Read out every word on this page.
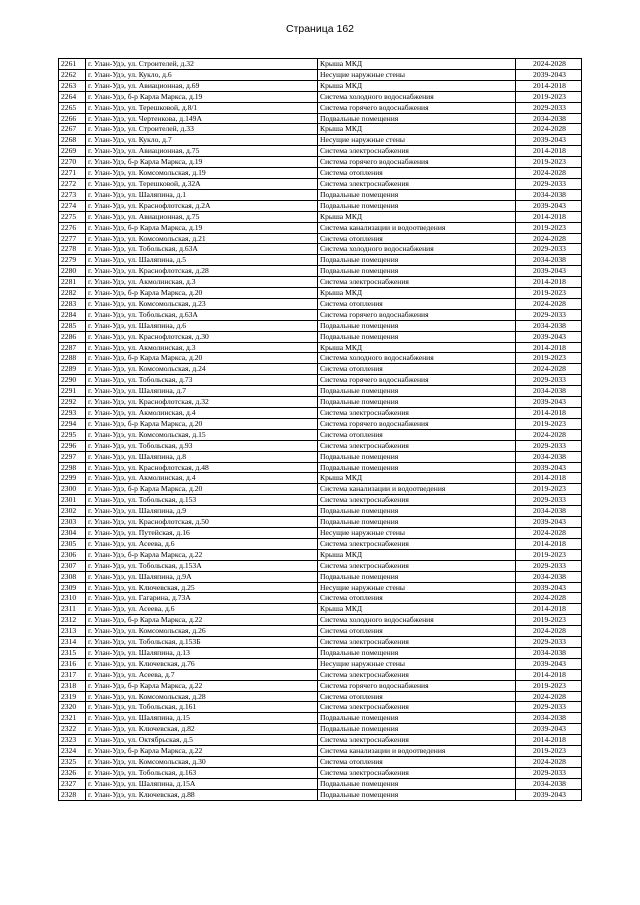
Страница 162
2261	г. Улан-Удэ, ул. Строителей, д.32	Крыша МКД	2024-2028
2262	г. Улан-Удэ, ул. Кукло, д.6	Несущие наружные стены	2039-2043
2263	г. Улан-Удэ, ул. Авиационная, д.69	Крыша МКД	2014-2018
2264	г. Улан-Удэ, б-р Карла Маркса, д.19	Система холодного водоснабжения	2019-2023
2265	г. Улан-Удэ, ул. Терешковой, д.8/1	Система горячего водоснабжения	2029-2033
2266	г. Улан-Удэ, ул. Чертенкова, д.149А	Подвальные помещения	2034-2038
2267	г. Улан-Удэ, ул. Строителей, д.33	Крыша МКД	2024-2028
2268	г. Улан-Удэ, ул. Кукло, д.7	Несущие наружные стены	2039-2043
2269	г. Улан-Удэ, ул. Авиационная, д.75	Система электроснабжения	2014-2018
2270	г. Улан-Удэ, б-р Карла Маркса, д.19	Система горячего водоснабжения	2019-2023
2271	г. Улан-Удэ, ул. Комсомольская, д.19	Система отопления	2024-2028
2272	г. Улан-Удэ, ул. Терешковой, д.32А	Система электроснабжения	2029-2033
2273	г. Улан-Удэ, ул. Шаляпина, д.1	Подвальные помещения	2034-2038
2274	г. Улан-Удэ, ул. Краснофлотская, д.2А	Подвальные помещения	2039-2043
2275	г. Улан-Удэ, ул. Авиационная, д.75	Крыша МКД	2014-2018
2276	г. Улан-Удэ, б-р Карла Маркса, д.19	Система канализации и водоотведения	2019-2023
2277	г. Улан-Удэ, ул. Комсомольская, д.21	Система отопления	2024-2028
2278	г. Улан-Удэ, ул. Тобольская, д.63А	Система холодного водоснабжения	2029-2033
2279	г. Улан-Удэ, ул. Шаляпина, д.5	Подвальные помещения	2034-2038
2280	г. Улан-Удэ, ул. Краснофлотская, д.28	Подвальные помещения	2039-2043
2281	г. Улан-Удэ, ул. Акмолинская, д.3	Система электроснабжения	2014-2018
2282	г. Улан-Удэ, б-р Карла Маркса, д.20	Крыша МКД	2019-2023
2283	г. Улан-Удэ, ул. Комсомольская, д.23	Система отопления	2024-2028
2284	г. Улан-Удэ, ул. Тобольская, д.63А	Система горячего водоснабжения	2029-2033
2285	г. Улан-Удэ, ул. Шаляпина, д.6	Подвальные помещения	2034-2038
2286	г. Улан-Удэ, ул. Краснофлотская, д.30	Подвальные помещения	2039-2043
2287	г. Улан-Удэ, ул. Акмолинская, д.3	Крыша МКД	2014-2018
2288	г. Улан-Удэ, б-р Карла Маркса, д.20	Система холодного водоснабжения	2019-2023
2289	г. Улан-Удэ, ул. Комсомольская, д.24	Система отопления	2024-2028
2290	г. Улан-Удэ, ул. Тобольская, д.73	Система горячего водоснабжения	2029-2033
2291	г. Улан-Удэ, ул. Шаляпина, д.7	Подвальные помещения	2034-2038
2292	г. Улан-Удэ, ул. Краснофлотская, д.32	Подвальные помещения	2039-2043
2293	г. Улан-Удэ, ул. Акмолинская, д.4	Система электроснабжения	2014-2018
2294	г. Улан-Удэ, б-р Карла Маркса, д.20	Система горячего водоснабжения	2019-2023
2295	г. Улан-Удэ, ул. Комсомольская, д.15	Система отопления	2024-2028
2296	г. Улан-Удэ, ул. Тобольская, д.93	Система электроснабжения	2029-2033
2297	г. Улан-Удэ, ул. Шаляпина, д.8	Подвальные помещения	2034-2038
2298	г. Улан-Удэ, ул. Краснофлотская, д.48	Подвальные помещения	2039-2043
2299	г. Улан-Удэ, ул. Акмолинская, д.4	Крыша МКД	2014-2018
2300	г. Улан-Удэ, б-р Карла Маркса, д.20	Система канализации и водоотведения	2019-2023
2301	г. Улан-Удэ, ул. Тобольская, д.153	Система электроснабжения	2029-2033
2302	г. Улан-Удэ, ул. Шаляпина, д.9	Подвальные помещения	2034-2038
2303	г. Улан-Удэ, ул. Краснофлотская, д.50	Подвальные помещения	2039-2043
2304	г. Улан-Удэ, ул. Путейская, д.16	Несущие наружные стены	2024-2028
2305	г. Улан-Удэ, ул. Асеева, д.6	Система электроснабжения	2014-2018
2306	г. Улан-Удэ, б-р Карла Маркса, д.22	Крыша МКД	2019-2023
2307	г. Улан-Удэ, ул. Тобольская, д.153А	Система электроснабжения	2029-2033
2308	г. Улан-Удэ, ул. Шаляпина, д.9А	Подвальные помещения	2034-2038
2309	г. Улан-Удэ, ул. Ключевская, д.25	Несущие наружные стены	2039-2043
2310	г. Улан-Удэ, ул. Гагарина, д.73А	Система отопления	2024-2028
2311	г. Улан-Удэ, ул. Асеева, д.6	Крыша МКД	2014-2018
2312	г. Улан-Удэ, б-р Карла Маркса, д.22	Система холодного водоснабжения	2019-2023
2313	г. Улан-Удэ, ул. Комсомольская, д.26	Система отопления	2024-2028
2314	г. Улан-Удэ, ул. Тобольская, д.153Б	Система электроснабжения	2029-2033
2315	г. Улан-Удэ, ул. Шаляпина, д.13	Подвальные помещения	2034-2038
2316	г. Улан-Удэ, ул. Ключевская, д.76	Несущие наружные стены	2039-2043
2317	г. Улан-Удэ, ул. Асеева, д.7	Система электроснабжения	2014-2018
2318	г. Улан-Удэ, б-р Карла Маркса, д.22	Система горячего водоснабжения	2019-2023
2319	г. Улан-Удэ, ул. Комсомольская, д.28	Система отопления	2024-2028
2320	г. Улан-Удэ, ул. Тобольская, д.161	Система электроснабжения	2029-2033
2321	г. Улан-Удэ, ул. Шаляпина, д.15	Подвальные помещения	2034-2038
2322	г. Улан-Удэ, ул. Ключевская, д.82	Подвальные помещения	2039-2043
2323	г. Улан-Удэ, ул. Октябрьская, д.5	Система электроснабжения	2014-2018
2324	г. Улан-Удэ, б-р Карла Маркса, д.22	Система канализации и водоотведения	2019-2023
2325	г. Улан-Удэ, ул. Комсомольская, д.30	Система отопления	2024-2028
2326	г. Улан-Удэ, ул. Тобольская, д.163	Система электроснабжения	2029-2033
2327	г. Улан-Удэ, ул. Шаляпина, д.15А	Подвальные помещения	2034-2038
2328	г. Улан-Удэ, ул. Ключевская, д.88	Подвальные помещения	2039-2043
